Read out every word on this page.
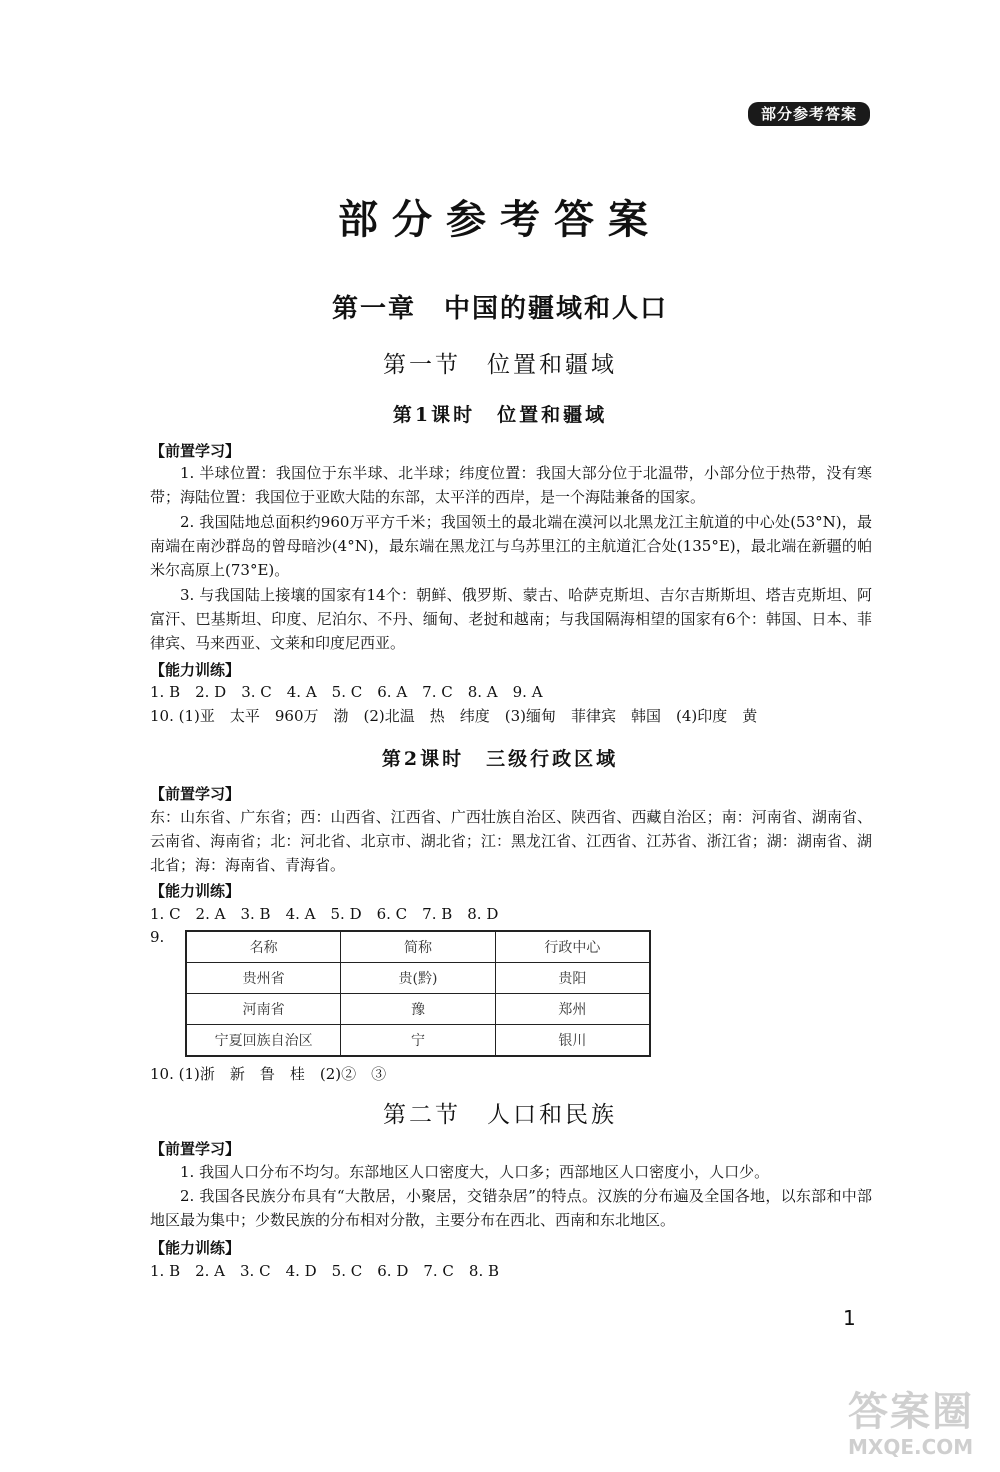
部分参考答案
部分参考答案
第一章　中国的疆域和人口
第一节　位置和疆域
第1课时　位置和疆域
【前置学习】
1. 半球位置：我国位于东半球、北半球；纬度位置：我国大部分位于北温带，小部分位于热带，没有寒带；海陆位置：我国位于亚欧大陆的东部，太平洋的西岸，是一个海陆兼备的国家。
2. 我国陆地总面积约960万平方千米；我国领土的最北端在漠河以北黑龙江主航道的中心处(53°N)，最南端在南沙群岛的曾母暗沙(4°N)，最东端在黑龙江与乌苏里江的主航道汇合处(135°E)，最北端在新疆的帕米尔高原上(73°E)。
3. 与我国陆上接壤的国家有14个：朝鲜、俄罗斯、蒙古、哈萨克斯坦、吉尔吉斯斯坦、塔吉克斯坦、阿富汗、巴基斯坦、印度、尼泊尔、不丹、缅甸、老挝和越南；与我国隔海相望的国家有6个：韩国、日本、菲律宾、马来西亚、文莱和印度尼西亚。
【能力训练】
1. B　2. D　3. C　4. A　5. C　6. A　7. C　8. A　9. A
10. (1)亚　太平　960万　渤　(2)北温　热　纬度　(3)缅甸　菲律宾　韩国　(4)印度　黄
第2课时　三级行政区域
【前置学习】
东：山东省、广东省；西：山西省、江西省、广西壮族自治区、陕西省、西藏自治区；南：河南省、湖南省、云南省、海南省；北：河北省、北京市、湖北省；江：黑龙江省、江西省、江苏省、浙江省；湖：湖南省、湖北省；海：海南省、青海省。
【能力训练】
1. C　2. A　3. B　4. A　5. D　6. C　7. B　8. D
9.
名称	简称	行政中心
贵州省	贵(黔)	贵阳
河南省	豫	郑州
宁夏回族自治区	宁	银川
10. (1)浙　新　鲁　桂　(2)②　③
第二节　人口和民族
【前置学习】
1. 我国人口分布不均匀。东部地区人口密度大，人口多；西部地区人口密度小，人口少。
2. 我国各民族分布具有“大散居，小聚居，交错杂居”的特点。汉族的分布遍及全国各地，以东部和中部地区最为集中；少数民族的分布相对分散，主要分布在西北、西南和东北地区。
【能力训练】
1. B　2. A　3. C　4. D　5. C　6. D　7. C　8. B
1
答案圈
MXQE.COM
